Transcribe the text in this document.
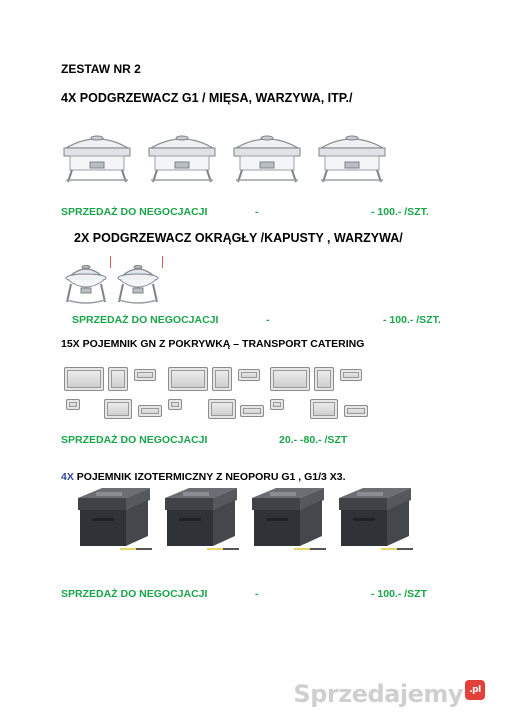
ZESTAW NR 2
4X PODGRZEWACZ G1 / MIĘSA, WARZYWA, ITP./
SPRZEDAŻ DO NEGOCJACJI	-	- 100.- /SZT.
2X PODGRZEWACZ OKRĄGŁY /KAPUSTY , WARZYWA/
SPRZEDAŻ DO NEGOCJACJI	-	- 100.- /SZT.
15X POJEMNIK GN Z POKRYWKĄ – TRANSPORT CATERING
SPRZEDAŻ DO NEGOCJACJI	20.- -80.- /SZT
4X POJEMNIK IZOTERMICZNY Z NEOPORU G1 , G1/3 X3.
SPRZEDAŻ DO NEGOCJACJI	-	- 100.- /SZT
Sprzedajemy .pl
